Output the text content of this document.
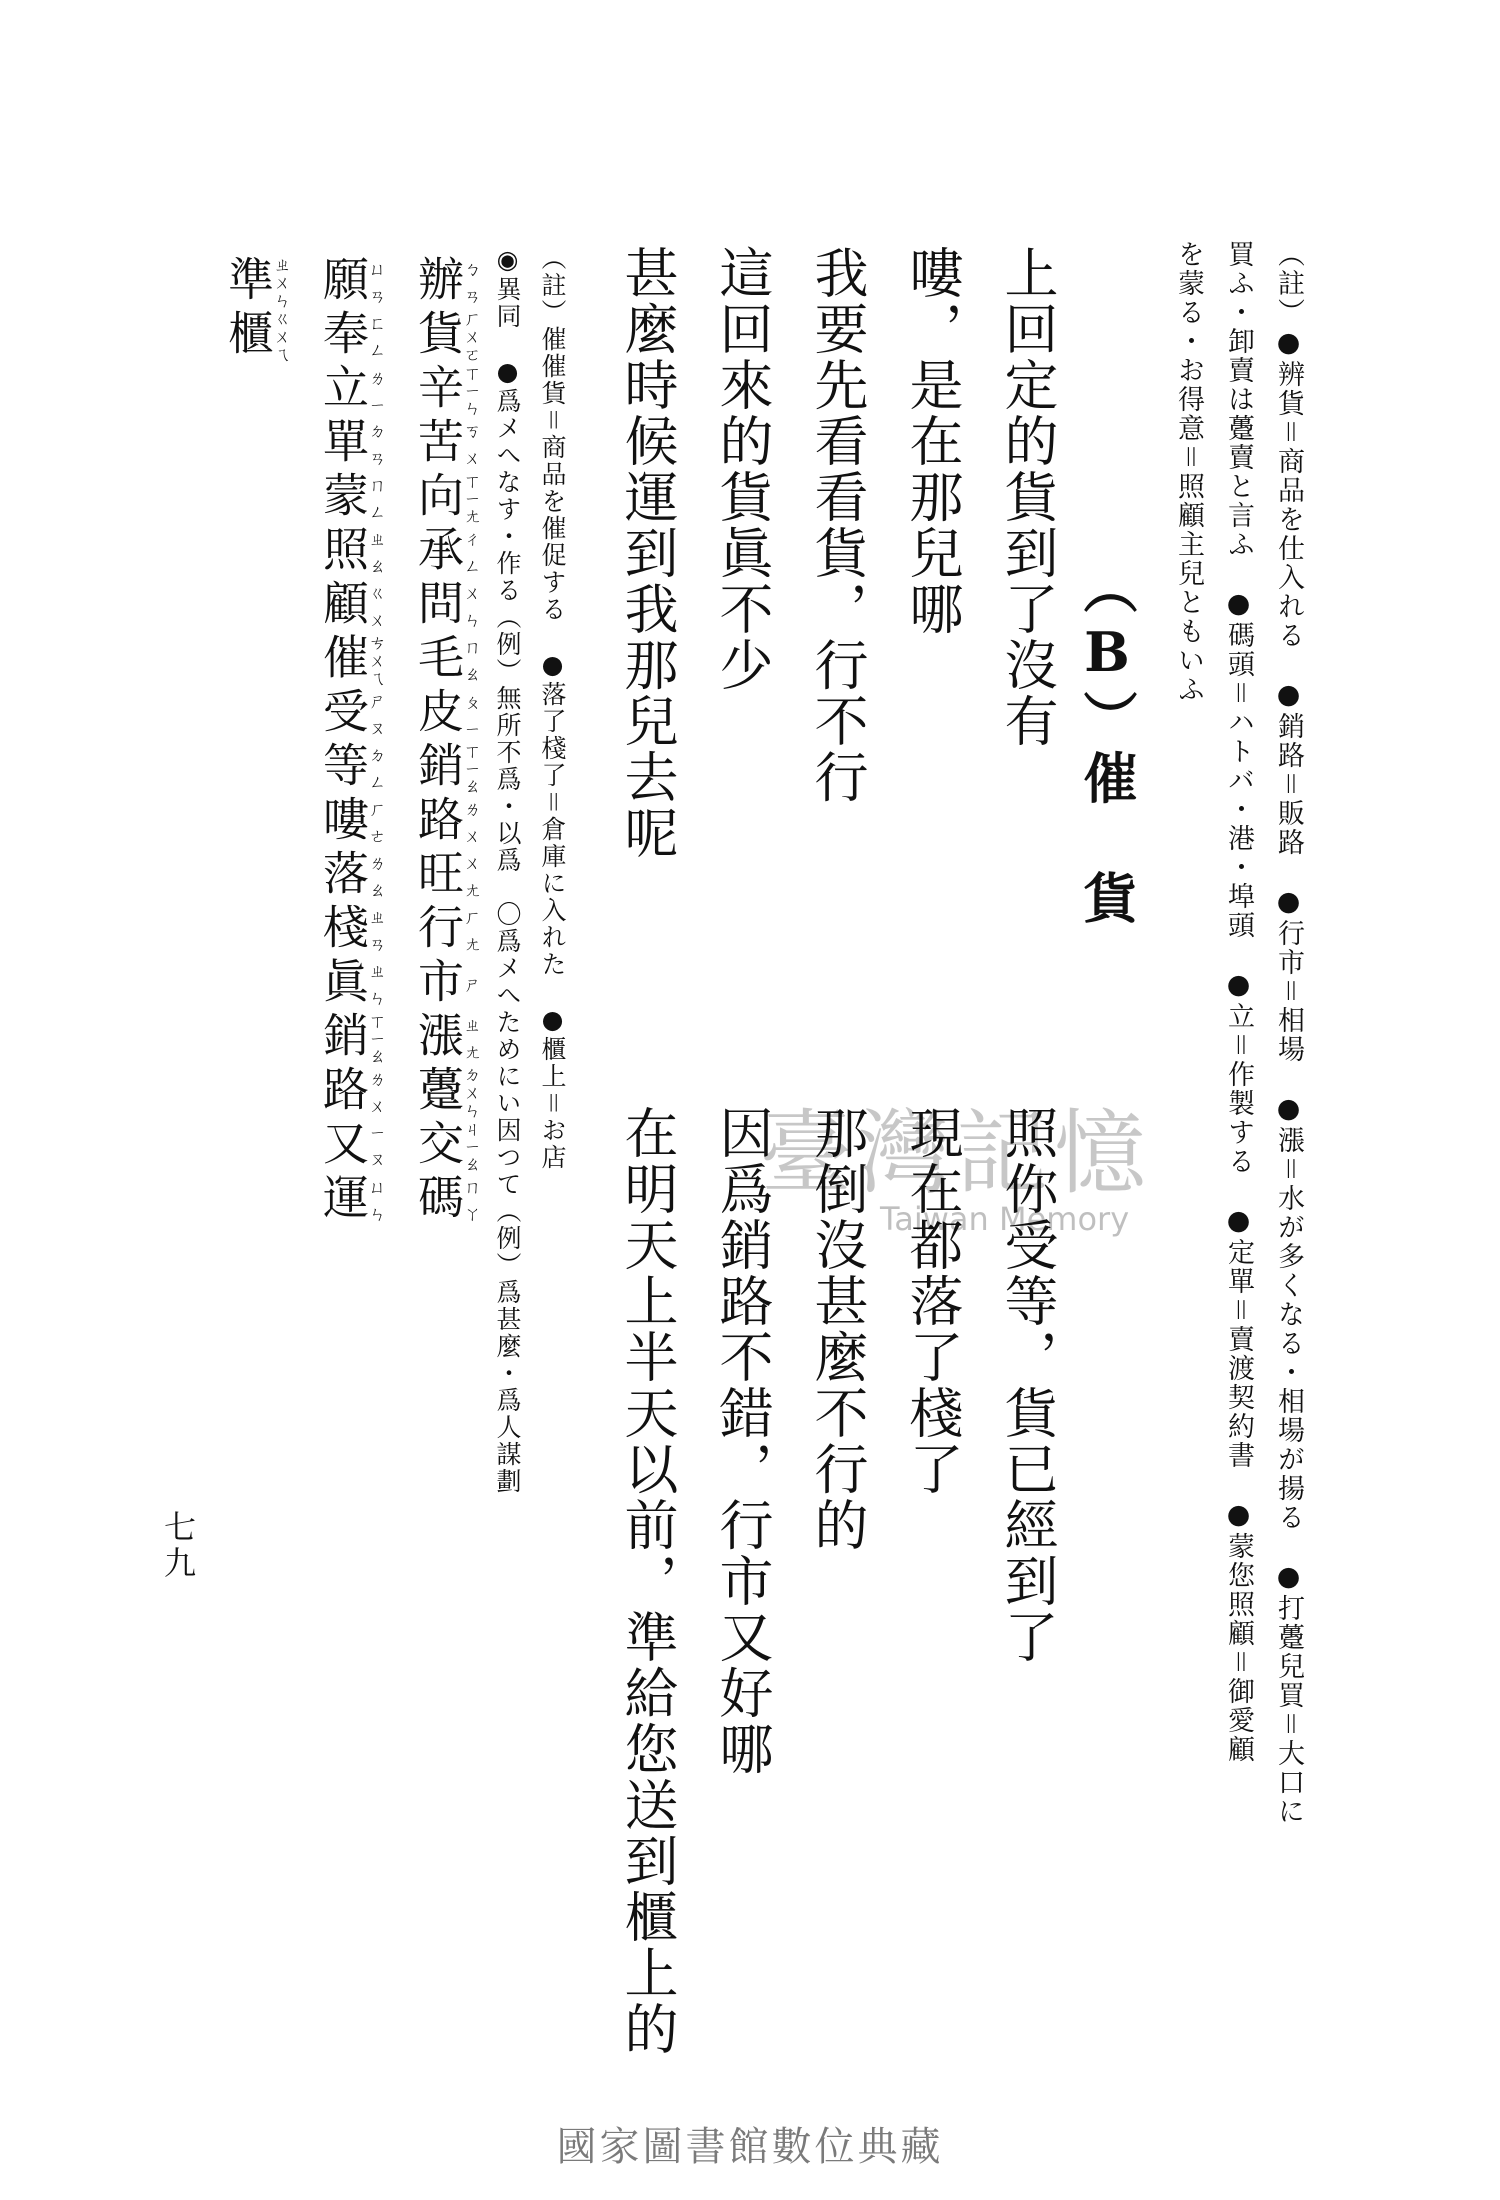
（註）●辨貨＝商品を仕入れる　●銷路＝販路　●行市＝相場　●漲＝水が多くなる・相場が揚る　●打躉兒買＝大口に

買ふ・卸賣は躉賣と言ふ　●碼頭＝ハトバ・港・埠頭　●立＝作製する　●定單＝賣渡契約書　●蒙您照顧＝御愛顧

を蒙る・お得意＝照顧主兒ともいふ

（B）催　貨

上回定的貨到了沒有

照你受等，貨已經到了

嘍，是在那兒哪

現在都落了棧了

我要先看看貨，行不行

那倒沒甚麼不行的

這回來的貨眞不少

因爲銷路不錯，行市又好哪

甚麼時候運到我那兒去呢

在明天上半天以前，準給您送到櫃上的

（註）催催貨＝商品を催促する　●落了棧了＝倉庫に入れた　●櫃上＝お店

◉異同　●爲メへなす・作る（例）無所不爲・以爲　〇爲メへためにい因つて（例）爲甚麼・爲人謀劃

辦ㄅㄢ貨ㄏㄨㄛ辛ㄒㄧㄣ苦ㄎㄨ向ㄒㄧㄤ承ㄔㄥ問ㄨㄣ毛ㄇㄠ皮ㄆㄧ銷ㄒㄧㄠ路ㄌㄨ旺ㄨㄤ行ㄏㄤ市ㄕ漲ㄓㄤ躉ㄉㄨㄣ交ㄐㄧㄠ碼ㄇㄚ
願ㄩㄢ奉ㄈㄥ立ㄌㄧ單ㄉㄢ蒙ㄇㄥ照ㄓㄠ顧ㄍㄨ催ㄘㄨㄟ受ㄕㄡ等ㄉㄥ嘍ㄏㄜ落ㄌㄠ棧ㄓㄢ眞ㄓㄣ銷ㄒㄧㄠ路ㄌㄨ又ㄧㄡ運ㄩㄣ
準ㄓㄨㄣ櫃ㄍㄨㄟ

七九

臺灣記憶

Taiwan Memory

國家圖書館數位典藏
